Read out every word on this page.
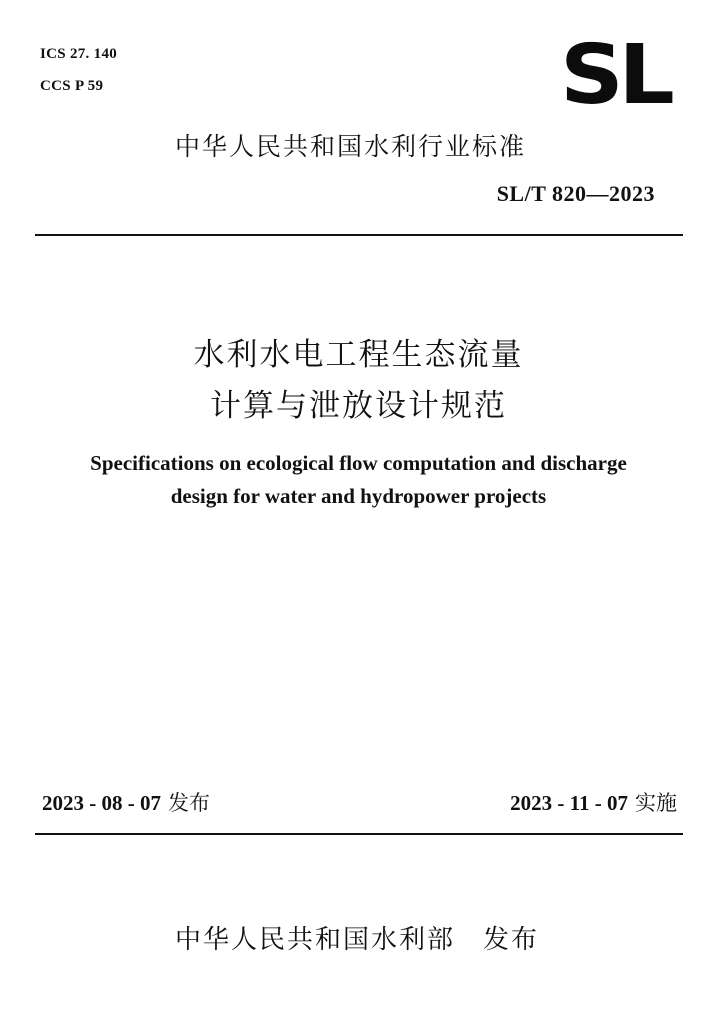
ICS 27. 140
CCS P 59	SL
中华人民共和国水利行业标准
SL/T 820—2023
水利水电工程生态流量
计算与泄放设计规范
Specifications on ecological flow computation and discharge
design for water and hydropower projects
2023 - 08 - 07 发布	2023 - 11 - 07 实施
中华人民共和国水利部 发布
